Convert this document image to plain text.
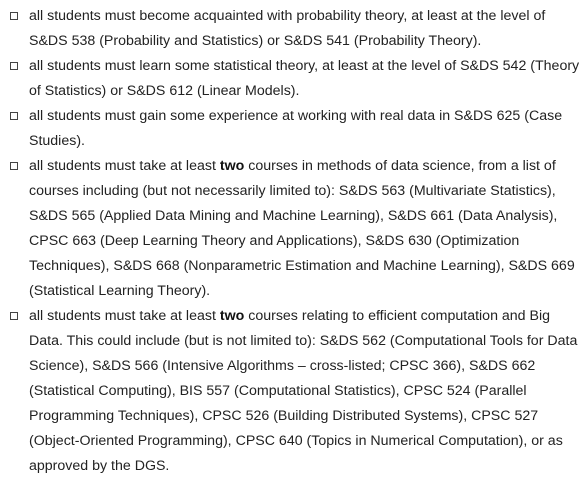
all students must become acquainted with probability theory, at least at the level of S&DS 538 (Probability and Statistics) or S&DS 541 (Probability Theory).
all students must learn some statistical theory, at least at the level of S&DS 542 (Theory of Statistics) or S&DS 612 (Linear Models).
all students must gain some experience at working with real data in S&DS 625 (Case Studies).
all students must take at least two courses in methods of data science, from a list of courses including (but not necessarily limited to): S&DS 563 (Multivariate Statistics), S&DS 565 (Applied Data Mining and Machine Learning), S&DS 661 (Data Analysis), CPSC 663 (Deep Learning Theory and Applications), S&DS 630 (Optimization Techniques), S&DS 668 (Nonparametric Estimation and Machine Learning), S&DS 669 (Statistical Learning Theory).
all students must take at least two courses relating to efficient computation and Big Data. This could include (but is not limited to): S&DS 562 (Computational Tools for Data Science), S&DS 566 (Intensive Algorithms – cross-listed; CPSC 366), S&DS 662 (Statistical Computing), BIS 557 (Computational Statistics), CPSC 524 (Parallel Programming Techniques), CPSC 526 (Building Distributed Systems), CPSC 527 (Object-Oriented Programming), CPSC 640 (Topics in Numerical Computation), or as approved by the DGS.
